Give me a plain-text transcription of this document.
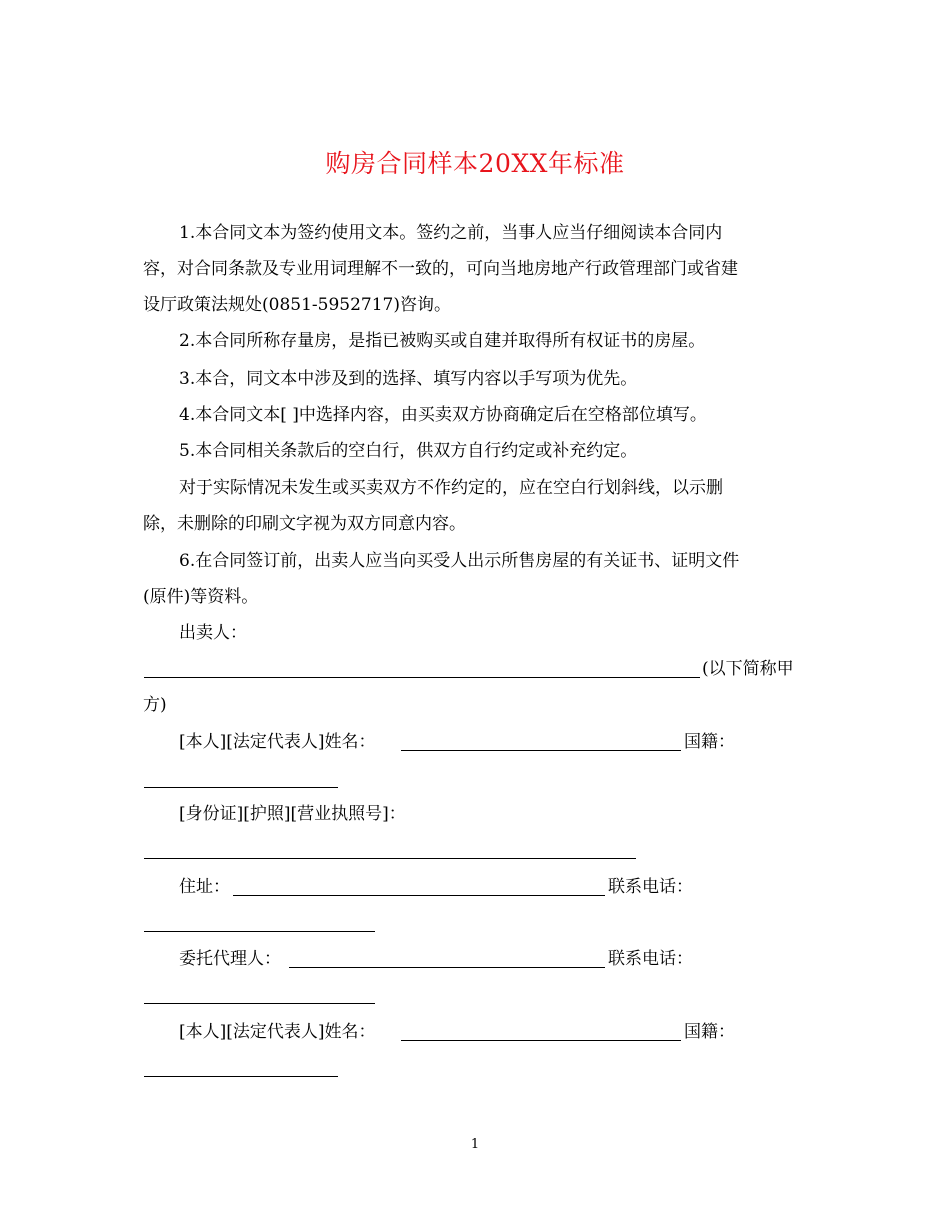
购房合同样本20XX年标准
1.本合同文本为签约使用文本。签约之前，当事人应当仔细阅读本合同内
容，对合同条款及专业用词理解不一致的，可向当地房地产行政管理部门或省建
设厅政策法规处(0851-5952717)咨询。
2.本合同所称存量房，是指已被购买或自建并取得所有权证书的房屋。
3.本合，同文本中涉及到的选择、填写内容以手写项为优先。
4.本合同文本[ ]中选择内容，由买卖双方协商确定后在空格部位填写。
5.本合同相关条款后的空白行，供双方自行约定或补充约定。
对于实际情况未发生或买卖双方不作约定的，应在空白行划斜线，以示删
除，未删除的印刷文字视为双方同意内容。
6.在合同签订前，出卖人应当向买受人出示所售房屋的有关证书、证明文件
(原件)等资料。
出卖人：
(以下简称甲
方)
[本人][法定代表人]姓名：	国籍：
[身份证][护照][营业执照号]：
住址：	联系电话：
委托代理人：	联系电话：
[本人][法定代表人]姓名：	国籍：
1
